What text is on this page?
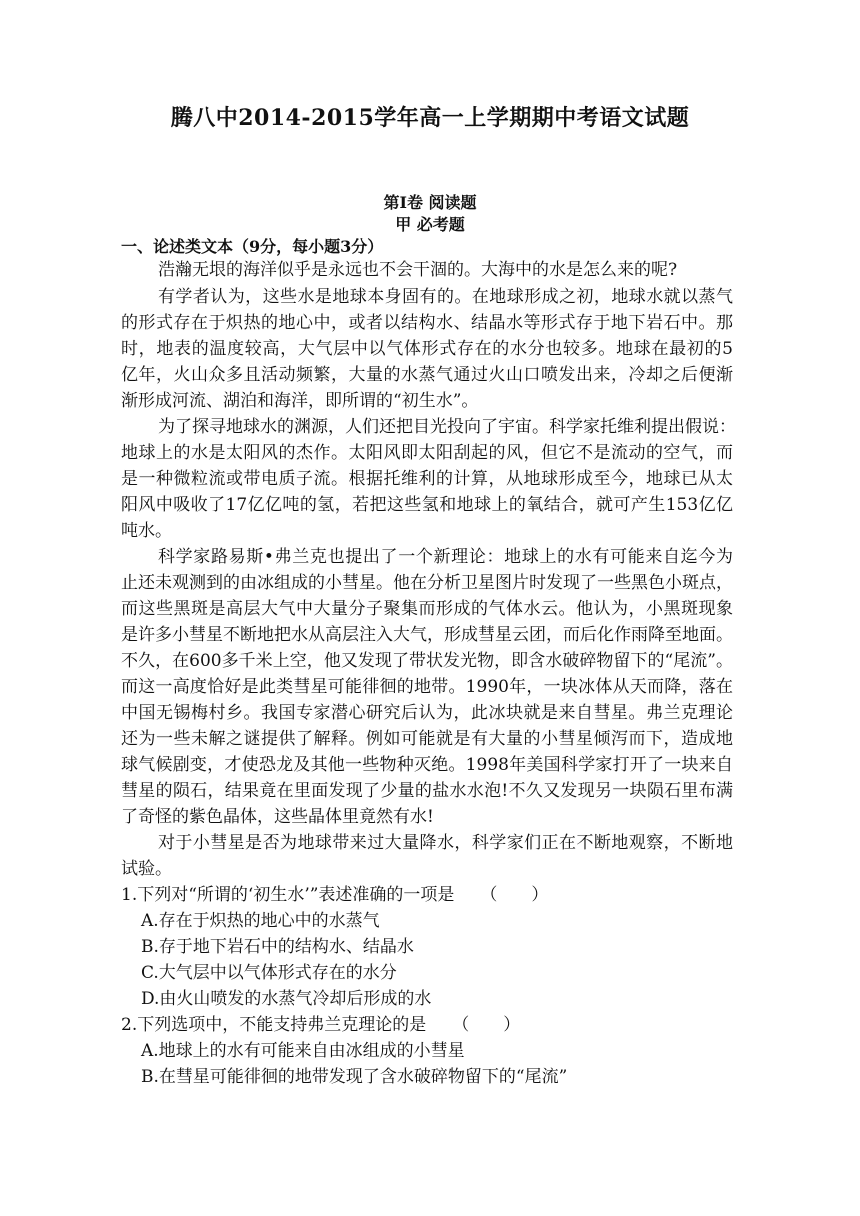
腾八中2014-2015学年高一上学期期中考语文试题
第Ⅰ卷 阅读题
甲 必考题
一、论述类文本（9分，每小题3分）
浩瀚无垠的海洋似乎是永远也不会干涸的。大海中的水是怎么来的呢?
有学者认为，这些水是地球本身固有的。在地球形成之初，地球水就以蒸气
的形式存在于炽热的地心中，或者以结构水、结晶水等形式存于地下岩石中。那
时，地表的温度较高，大气层中以气体形式存在的水分也较多。地球在最初的5
亿年，火山众多且活动频繁，大量的水蒸气通过火山口喷发出来，冷却之后便渐
渐形成河流、湖泊和海洋，即所谓的“初生水”。
为了探寻地球水的渊源，人们还把目光投向了宇宙。科学家托维利提出假说：
地球上的水是太阳风的杰作。太阳风即太阳刮起的风，但它不是流动的空气，而
是一种微粒流或带电质子流。根据托维利的计算，从地球形成至今，地球已从太
阳风中吸收了17亿亿吨的氢，若把这些氢和地球上的氧结合，就可产生153亿亿
吨水。
科学家路易斯•弗兰克也提出了一个新理论：地球上的水有可能来自迄今为
止还未观测到的由冰组成的小彗星。他在分析卫星图片时发现了一些黑色小斑点，
而这些黑斑是高层大气中大量分子聚集而形成的气体水云。他认为，小黑斑现象
是许多小彗星不断地把水从高层注入大气，形成彗星云团，而后化作雨降至地面。
不久，在600多千米上空，他又发现了带状发光物，即含水破碎物留下的“尾流”。
而这一高度恰好是此类彗星可能徘徊的地带。1990年，一块冰体从天而降，落在
中国无锡梅村乡。我国专家潜心研究后认为，此冰块就是来自彗星。弗兰克理论
还为一些未解之谜提供了解释。例如可能就是有大量的小彗星倾泻而下，造成地
球气候剧变，才使恐龙及其他一些物种灭绝。1998年美国科学家打开了一块来自
彗星的陨石，结果竟在里面发现了少量的盐水水泡!不久又发现另一块陨石里布满
了奇怪的紫色晶体，这些晶体里竟然有水!
对于小彗星是否为地球带来过大量降水，科学家们正在不断地观察，不断地
试验。
1.下列对“所谓的‘初生水’”表述准确的一项是 （　　）
A.存在于炽热的地心中的水蒸气
B.存于地下岩石中的结构水、结晶水
C.大气层中以气体形式存在的水分
D.由火山喷发的水蒸气冷却后形成的水
2.下列选项中，不能支持弗兰克理论的是 （　　）
A.地球上的水有可能来自由冰组成的小彗星
B.在彗星可能徘徊的地带发现了含水破碎物留下的“尾流”
